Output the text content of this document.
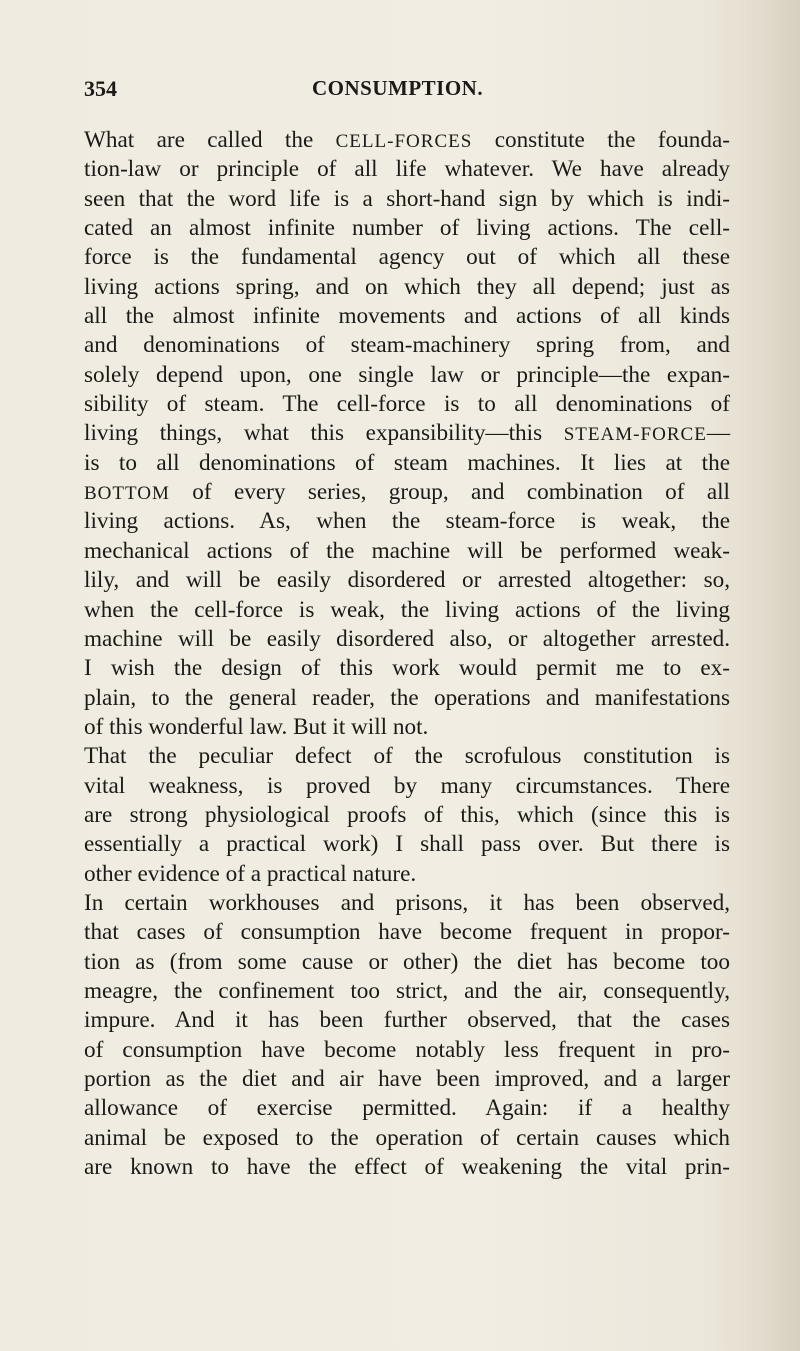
354	CONSUMPTION.
What are called the CELL-FORCES constitute the founda-
tion-law or principle of all life whatever. We have already
seen that the word life is a short-hand sign by which is indi-
cated an almost infinite number of living actions. The cell-
force is the fundamental agency out of which all these
living actions spring, and on which they all depend; just as
all the almost infinite movements and actions of all kinds
and denominations of steam-machinery spring from, and
solely depend upon, one single law or principle—the expan-
sibility of steam. The cell-force is to all denominations of
living things, what this expansibility—this STEAM-FORCE—
is to all denominations of steam machines. It lies at the
BOTTOM of every series, group, and combination of all
living actions. As, when the steam-force is weak, the
mechanical actions of the machine will be performed weak-
lily, and will be easily disordered or arrested altogether: so,
when the cell-force is weak, the living actions of the living
machine will be easily disordered also, or altogether arrested.
I wish the design of this work would permit me to ex-
plain, to the general reader, the operations and manifestations
of this wonderful law. But it will not.
That the peculiar defect of the scrofulous constitution is
vital weakness, is proved by many circumstances. There
are strong physiological proofs of this, which (since this is
essentially a practical work) I shall pass over. But there is
other evidence of a practical nature.
In certain workhouses and prisons, it has been observed,
that cases of consumption have become frequent in propor-
tion as (from some cause or other) the diet has become too
meagre, the confinement too strict, and the air, consequently,
impure. And it has been further observed, that the cases
of consumption have become notably less frequent in pro-
portion as the diet and air have been improved, and a larger
allowance of exercise permitted. Again: if a healthy
animal be exposed to the operation of certain causes which
are known to have the effect of weakening the vital prin-
